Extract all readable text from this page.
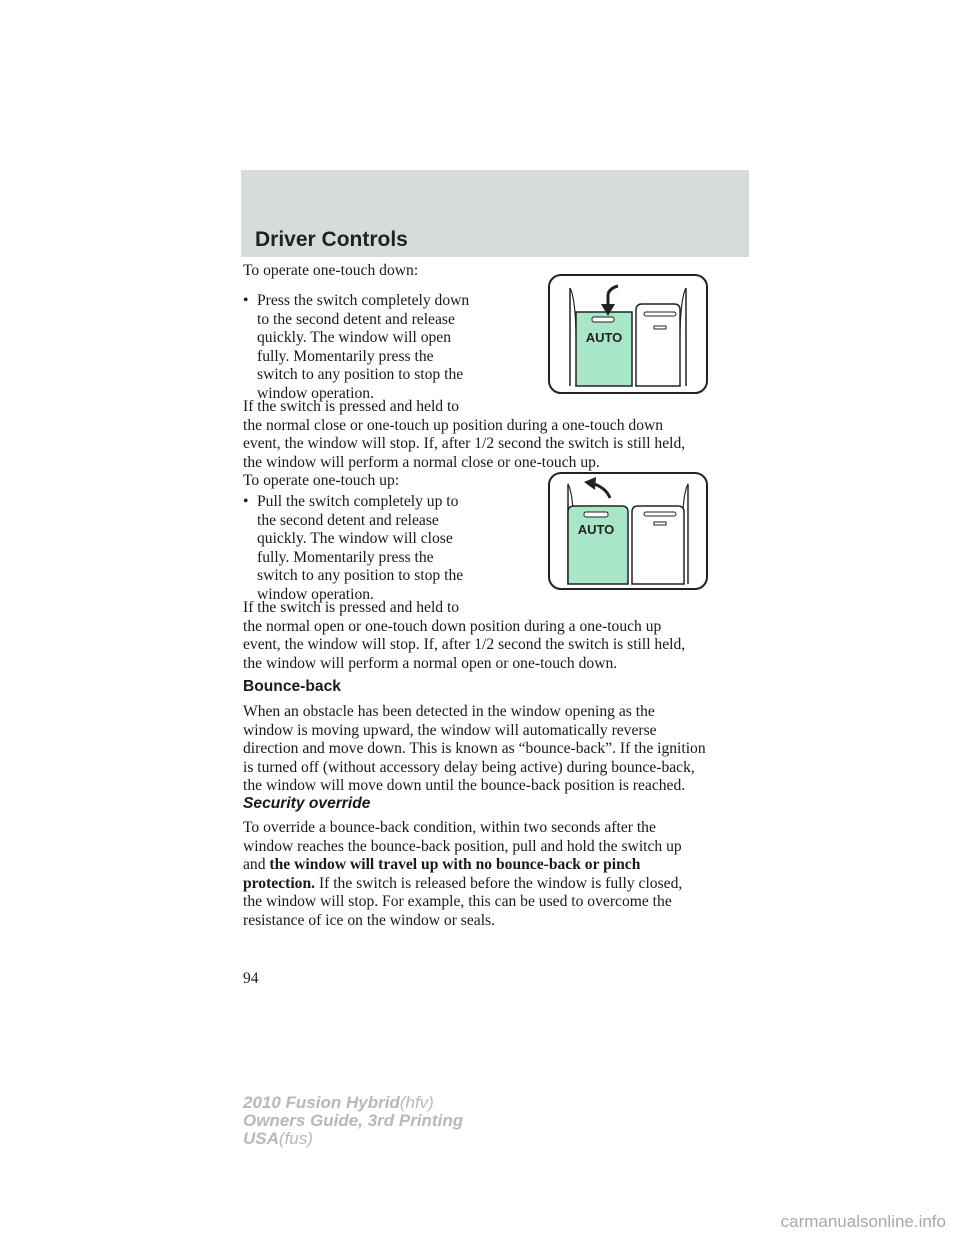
Driver Controls
To operate one-touch down:
• Press the switch completely down
to the second detent and release
quickly. The window will open
fully. Momentarily press the
switch to any position to stop the
window operation.
If the switch is pressed and held to
the normal close or one-touch up position during a one-touch down
event, the window will stop. If, after 1/2 second the switch is still held,
the window will perform a normal close or one-touch up.
AUTO
To operate one-touch up:
• Pull the switch completely up to
the second detent and release
quickly. The window will close
fully. Momentarily press the
switch to any position to stop the
window operation.
If the switch is pressed and held to
the normal open or one-touch down position during a one-touch up
event, the window will stop. If, after 1/2 second the switch is still held,
the window will perform a normal open or one-touch down.
AUTO
Bounce-back
When an obstacle has been detected in the window opening as the
window is moving upward, the window will automatically reverse
direction and move down. This is known as “bounce-back”. If the ignition
is turned off (without accessory delay being active) during bounce-back,
the window will move down until the bounce-back position is reached.
Security override
To override a bounce-back condition, within two seconds after the
window reaches the bounce-back position, pull and hold the switch up
and the window will travel up with no bounce-back or pinch
protection. If the switch is released before the window is fully closed,
the window will stop. For example, this can be used to overcome the
resistance of ice on the window or seals.
94
2010 Fusion Hybrid(hfv)
Owners Guide, 3rd Printing
USA(fus)
carmanualsonline.info
